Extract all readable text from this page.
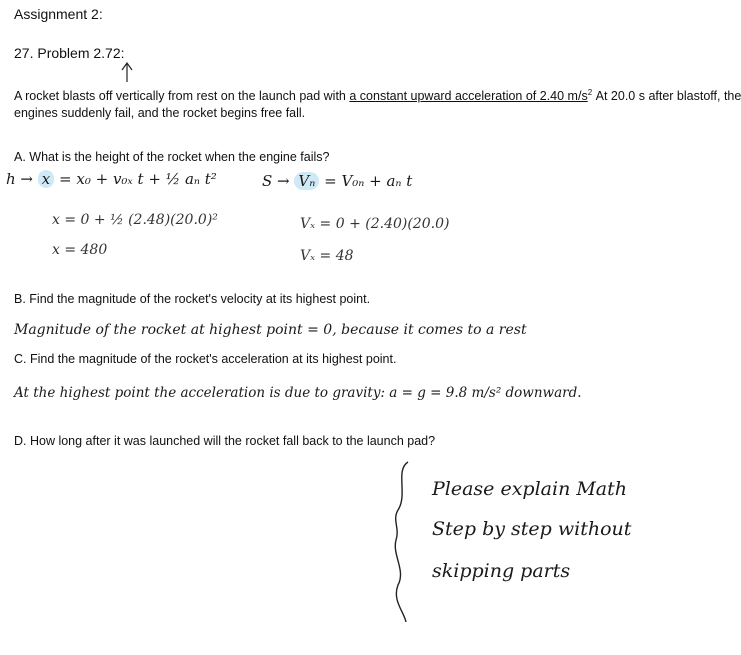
Assignment 2:
27. Problem 2.72:
A rocket blasts off vertically from rest on the launch pad with a constant upward acceleration of 2.40 $m/s^2$ At 20.0 s after blastoff, the
engines suddenly fail, and the rocket begins free fall.
A. What is the height of the rocket when the engine fails?
h → x = x₀ + v₀ₓ t + ½ aₙ t²	S → Vₙ = V₀ₙ + aₙ t
x = 0 + ½ (2.48)(20.0)²
x = 480
Vₓ = 0 + (2.40)(20.0)
Vₓ = 48
B. Find the magnitude of the rocket's velocity at its highest point.
Magnitude of the rocket at highest point = 0, because it comes to a rest
C. Find the magnitude of the rocket's acceleration at its highest point.
At the highest point the acceleration is due to gravity: a = g = 9.8 m/s² downward.
D. How long after it was launched will the rocket fall back to the launch pad?
Please explain Math
Step by step without
skipping parts
